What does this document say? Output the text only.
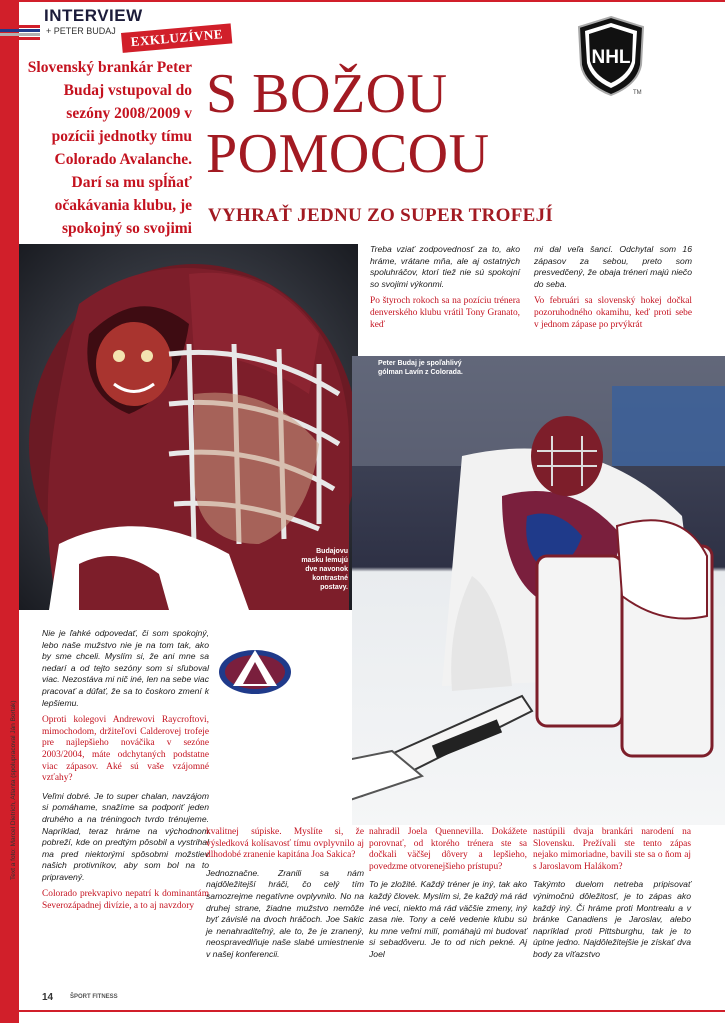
INTERVIEW
+ PETER BUDAJ	EXKLUZÍVNE
Slovenský brankár Peter Budaj vstupoval do sezóny 2008/2009 v pozícii jednotky tímu Colorado Avalanche. Darí sa mu spĺňať očakávania klubu, je spokojný so svojimi
S BOŽOU
POMOCOU
VYHRAŤ JEDNU ZO SUPER TROFEJÍ
NHL
TM
Budajovu masku lemujú dve navonok kontrastné postavy.
Peter Budaj je spoľahlivý gólman Lavín z Colorada.

Treba vziať zodpovednosť za to, ako hráme, vrátane mňa, ale aj ostatných spoluhráčov, ktorí tiež nie sú spokojní so svojimi výkonmi.

Po štyroch rokoch sa na pozíciu trénera denverského klubu vrátil Tony Granato, keď

mi dal veľa šancí. Odchytal som 16 zápasov za sebou, preto som presvedčený, že obaja tréneri majú niečo do seba.

Vo februári sa slovenský hokej dočkal pozoruhodného okamihu, keď proti sebe v jednom zápase po prvýkrát

Nie je ľahké odpovedať, či som spokojný, lebo naše mužstvo nie je na tom tak, ako by sme chceli. Myslím si, že ani mne sa nedarí a od tejto sezóny som si sľuboval viac. Nezostáva mi nič iné, len na sebe viac pracovať a dúfať, že sa to čoskoro zmení k lepšiemu.

Oproti kolegovi Andrewovi Raycroftovi, mimochodom, držiteľovi Calderovej trofeje pre najlepšieho nováčika v sezóne 2003/2004, máte odchytaných podstatne viac zápasov. Aké sú vaše vzájomné vzťahy?

Veľmi dobré. Je to super chalan, navzájom si pomáhame, snažíme sa podporiť jeden druhého a na tréningoch tvrdo trénujeme. Napríklad, teraz hráme na východnom pobreží, kde on predtým pôsobil a vystrihal ma pred niektorými spôsobmi možstiev našich protivníkov, aby som bol na to pripravený.

Colorado prekvapivo nepatrí k dominantám Severozápadnej divízie, a to aj navzdory

kvalitnej súpiske. Myslíte si, že výsledková kolísavosť tímu ovplyvnilo aj dlhodobé zranenie kapitána Joa Sakica?

Jednoznačne. Zranili sa nám najdôležitejší hráči, čo celý tím samozrejme negatívne ovplyvnilo. No na druhej strane, žiadne mužstvo nemôže byť závislé na dvoch hráčoch. Joe Sakic je nenahraditeľný, ale to, že je zranený, neospravedlňuje naše slabé umiestnenie v našej konferencii.

nahradil Joela Quennevilla. Dokážete porovnať, od ktorého trénera ste sa dočkali väčšej dôvery a lepšieho, povedzme otvorenejšieho prístupu?

To je zložité. Každý tréner je iný, tak ako každý človek. Myslím si, že každý má rád iné veci, niekto má rád väčšie zmeny, iný zasa nie. Tony a celé vedenie klubu sú ku mne veľmi milí, pomáhajú mi budovať si sebadôveru. Je to od nich pekné. Aj Joel

nastúpili dvaja brankári narodení na Slovensku. Prežívali ste tento zápas nejako mimoriadne, bavili ste sa o ňom aj s Jaroslavom Halákom?

Takýmto duelom netreba pripisovať výnimočnú dôležitosť, je to zápas ako každý iný. Či hráme proti Montrealu a v bránke Canadiens je Jaroslav, alebo napríklad proti Pittsburghu, tak je to úplne jedno. Najdôležitejšie je získať dva body za víťazstvo

Text a foto: Marcel Dietrich, Atlanta (spolupracoval Ján Bortak)
14	ŠPORT FITNESS
